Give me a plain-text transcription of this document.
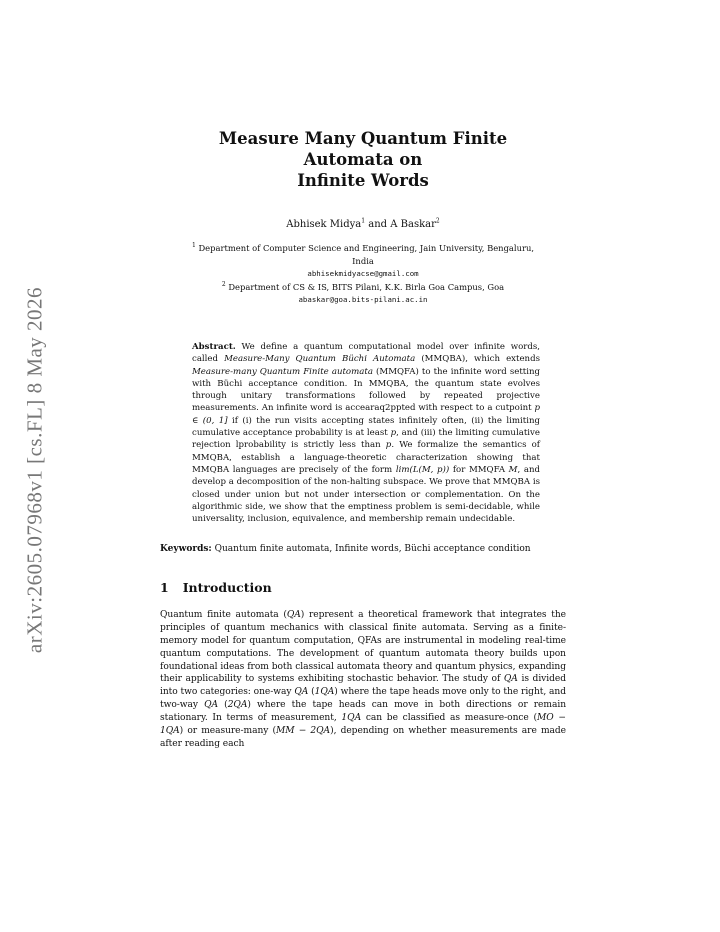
arXiv:2605.07968v1 [cs.FL] 8 May 2026
Measure Many Quantum Finite Automata on
Infinite Words
Abhisek Midya$^1$ and A Baskar$^2$
$^1$ Department of Computer Science and Engineering, Jain University, Bengaluru,
India
abhisekmidyacse@gmail.com
$^2$ Department of CS & IS, BITS Pilani, K.K. Birla Goa Campus, Goa
abaskar@goa.bits-pilani.ac.in
Abstract. We define a quantum computational model over infinite words, called Measure-Many Quantum Büchi Automata (MMQBA), which extends Measure-many Quantum Finite automata (MMQFA) to the infinite word setting with Büchi acceptance condition. In MMQBA, the quantum state evolves through unitary transformations followed by repeated projective measurements. An infinite word is accearaq2ppted with respect to a cutpoint p ∈ (0, 1] if (i) the run visits accepting states infinitely often, (ii) the limiting cumulative acceptance probability is at least p, and (iii) the limiting cumulative rejection lprobability is strictly less than p. We formalize the semantics of MMQBA, establish a language-theoretic characterization showing that MMQBA languages are precisely of the form lim(L(M, p)) for MMQFA M, and develop a decomposition of the non-halting subspace. We prove that MMQBA is closed under union but not under intersection or complementation. On the algorithmic side, we show that the emptiness problem is semi-decidable, while universality, inclusion, equivalence, and membership remain undecidable.
Keywords: Quantum finite automata, Infinite words, Büchi acceptance condition
1 Introduction
Quantum finite automata (QA) represent a theoretical framework that integrates the principles of quantum mechanics with classical finite automata. Serving as a finite-memory model for quantum computation, QFAs are instrumental in modeling real-time quantum computations. The development of quantum automata theory builds upon foundational ideas from both classical automata theory and quantum physics, expanding their applicability to systems exhibiting stochastic behavior. The study of QA is divided into two categories: one-way QA (1QA) where the tape heads move only to the right, and two-way QA (2QA) where the tape heads can move in both directions or remain stationary. In terms of measurement, 1QA can be classified as measure-once (MO − 1QA) or measure-many (MM − 2QA), depending on whether measurements are made after reading each
